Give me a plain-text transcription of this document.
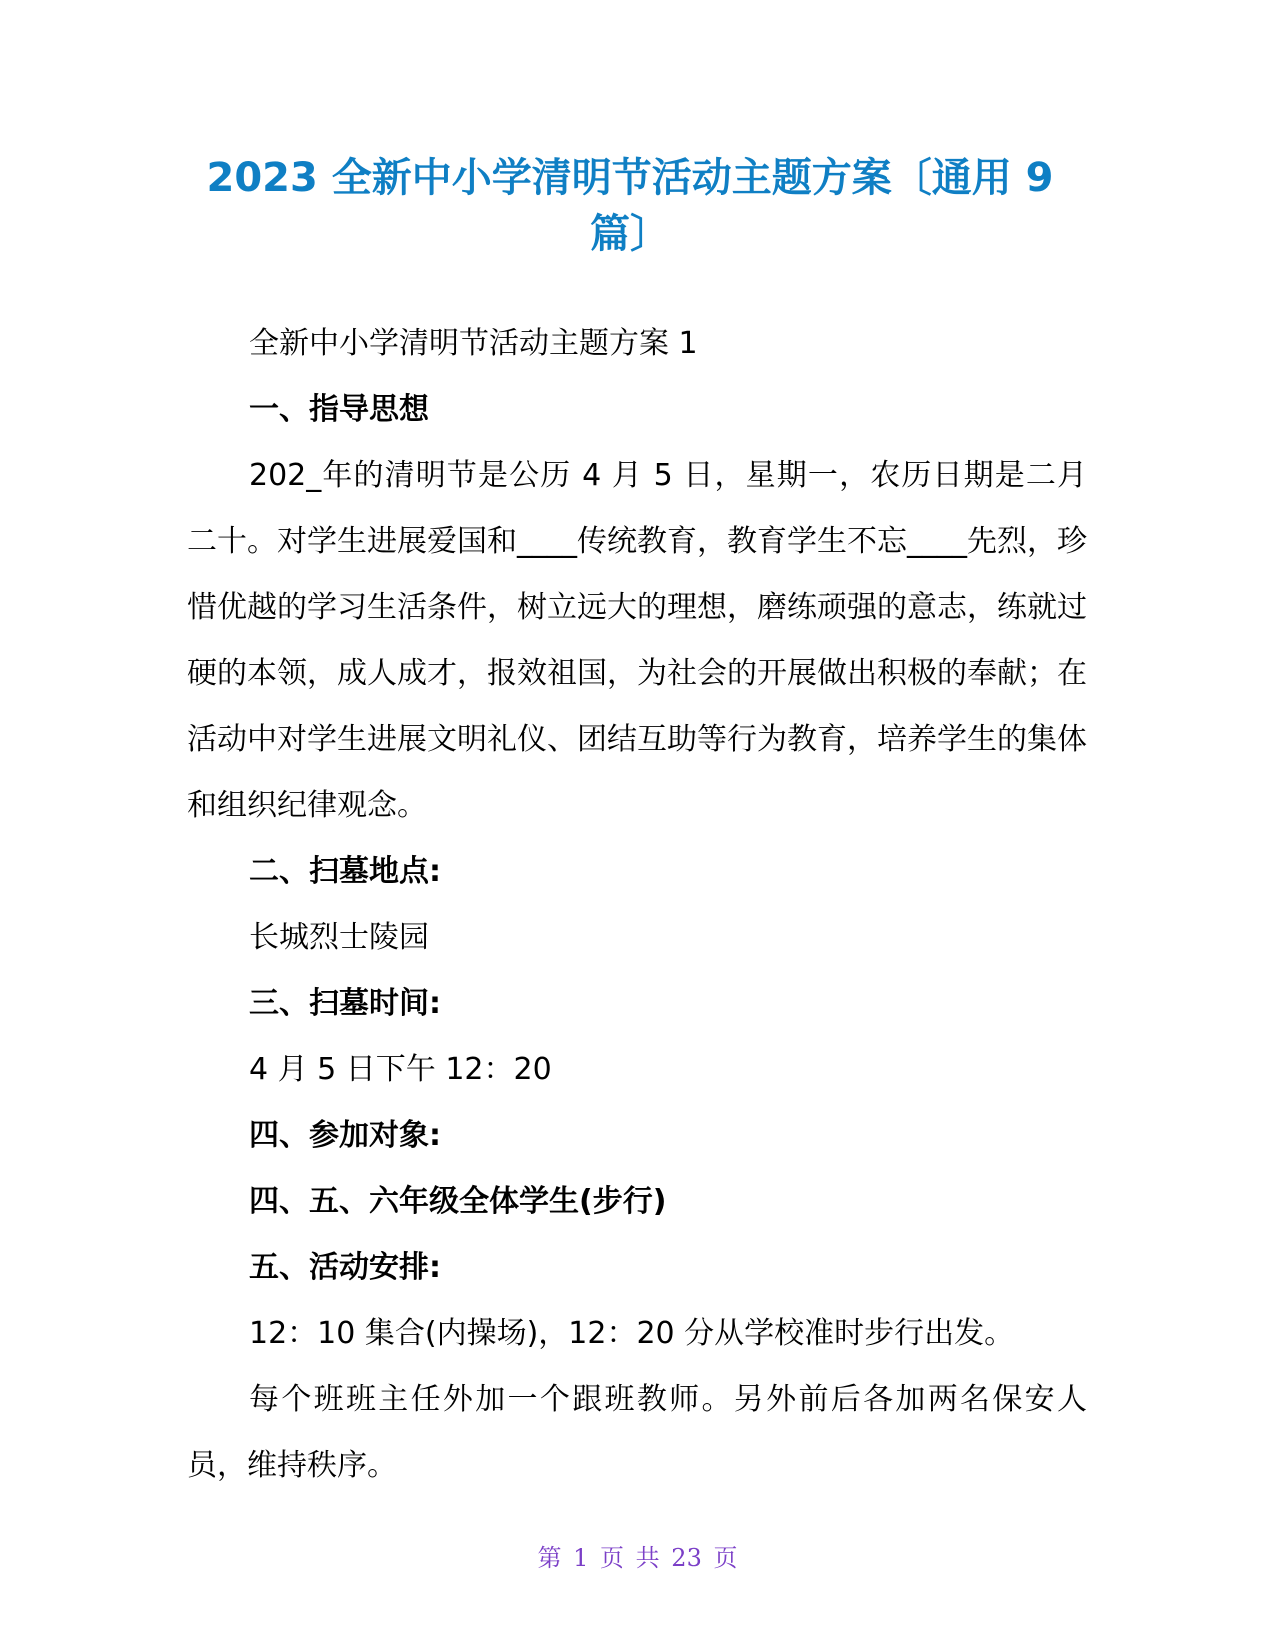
2023 全新中小学清明节活动主题方案〔通用 9
篇〕

全新中小学清明节活动主题方案 1

一、指导思想

202_年的清明节是公历 4 月 5 日，星期一，农历日期是二月二十。对学生进展爱国和____传统教育，教育学生不忘____先烈，珍惜优越的学习生活条件，树立远大的理想，磨练顽强的意志，练就过硬的本领，成人成才，报效祖国，为社会的开展做出积极的奉献；在活动中对学生进展文明礼仪、团结互助等行为教育，培养学生的集体和组织纪律观念。

二、扫墓地点:

长城烈士陵园

三、扫墓时间:

4 月 5 日下午 12：20

四、参加对象:

四、五、六年级全体学生(步行)

五、活动安排:

12：10 集合(内操场)，12：20 分从学校准时步行出发。

每个班班主任外加一个跟班教师。另外前后各加两名保安人员，维持秩序。

第 1 页 共 23 页
